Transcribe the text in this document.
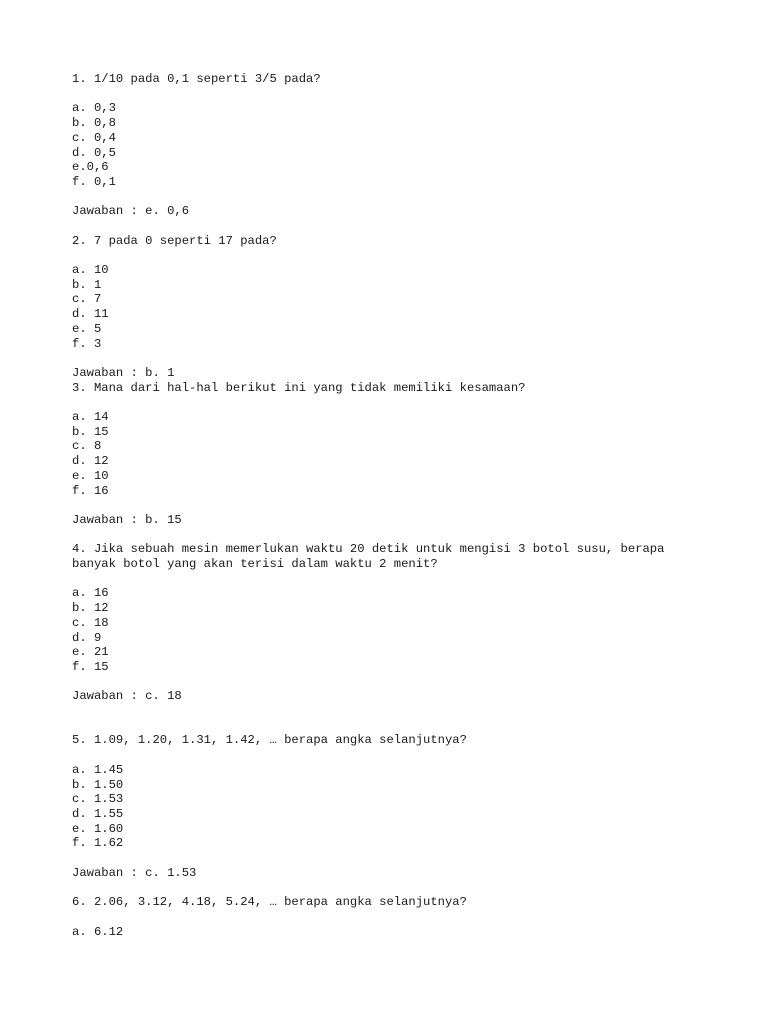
1. 1/10 pada 0,1 seperti 3/5 pada?
a. 0,3
b. 0,8
c. 0,4
d. 0,5
e.0,6
f. 0,1
Jawaban : e. 0,6
2. 7 pada 0 seperti 17 pada?
a. 10
b. 1
c. 7
d. 11
e. 5
f. 3
Jawaban : b. 1
3. Mana dari hal-hal berikut ini yang tidak memiliki kesamaan?
a. 14
b. 15
c. 8
d. 12
e. 10
f. 16
Jawaban : b. 15
4. Jika sebuah mesin memerlukan waktu 20 detik untuk mengisi 3 botol susu, berapa
banyak botol yang akan terisi dalam waktu 2 menit?
a. 16
b. 12
c. 18
d. 9
e. 21
f. 15
Jawaban : c. 18
5. 1.09, 1.20, 1.31, 1.42, … berapa angka selanjutnya?
a. 1.45
b. 1.50
c. 1.53
d. 1.55
e. 1.60
f. 1.62
Jawaban : c. 1.53
6. 2.06, 3.12, 4.18, 5.24, … berapa angka selanjutnya?
a. 6.12
